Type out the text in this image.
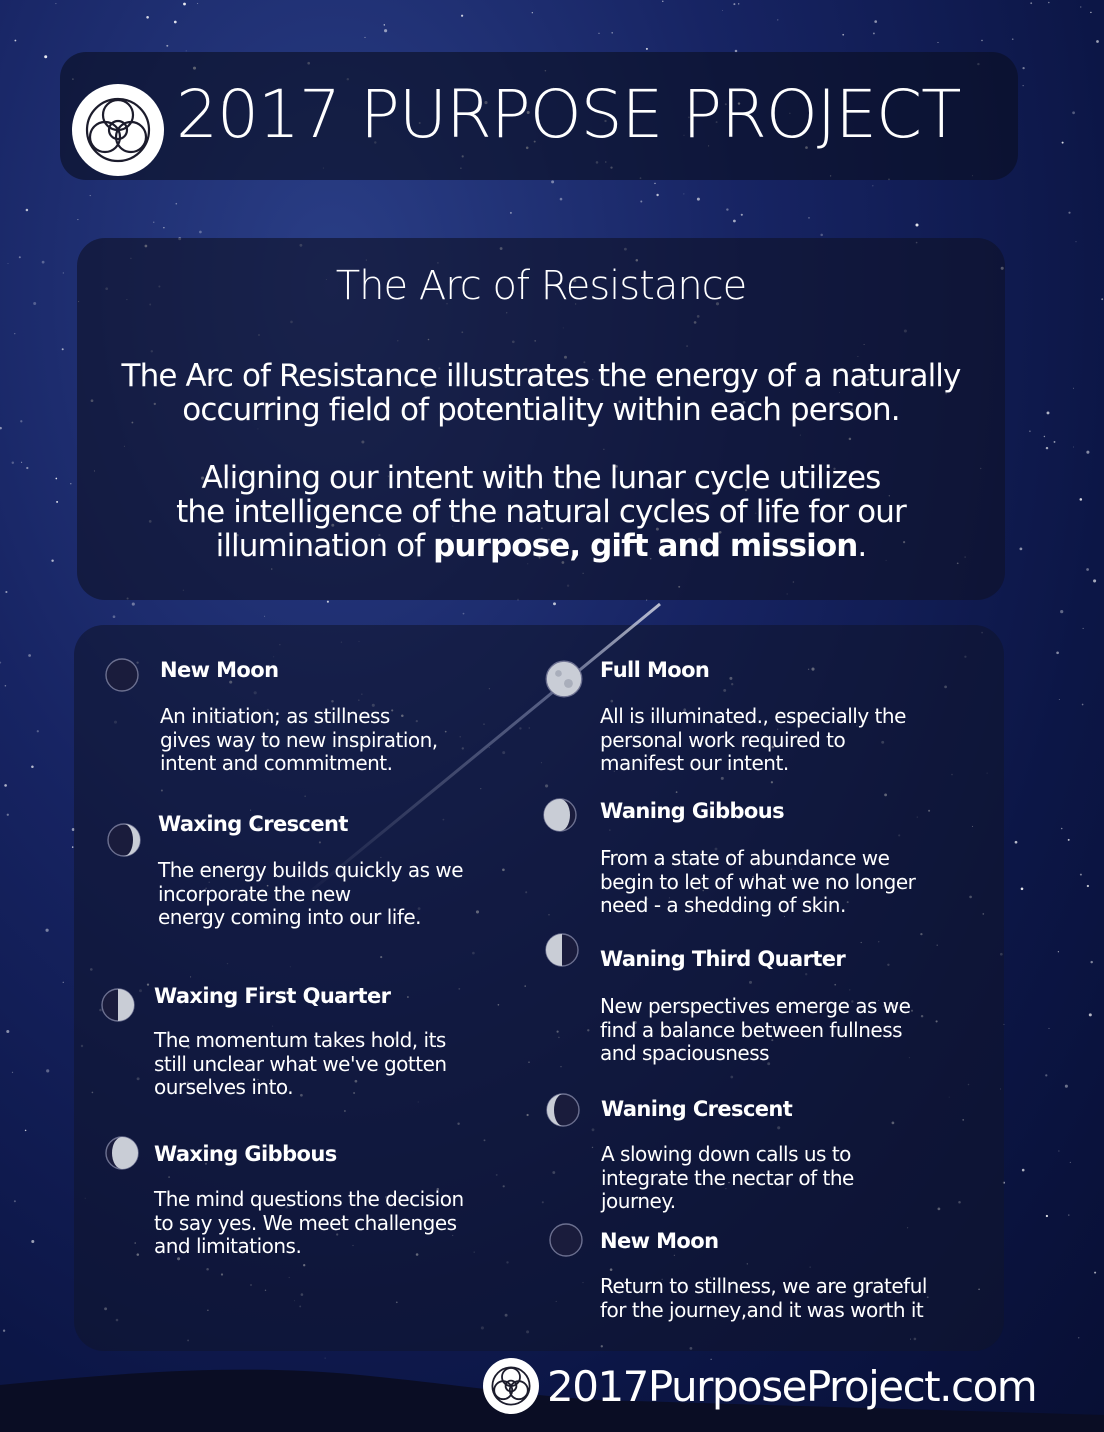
2017 PURPOSE PROJECT
The Arc of Resistance
The Arc of Resistance illustrates the energy of a naturally
occurring field of potentiality within each person.
Aligning our intent with the lunar cycle utilizes
the intelligence of the natural cycles of life for our
illumination of purpose, gift and mission.
New Moon
An initiation; as stillness
gives way to new inspiration,
intent and commitment.
Waxing Crescent
The energy builds quickly as we
incorporate the new
energy coming into our life.
Waxing First Quarter
The momentum takes hold, its
still unclear what we've gotten
ourselves into.
Waxing Gibbous
The mind questions the decision
to say yes. We meet challenges
and limitations.
Full Moon
All is illuminated., especially the
personal work required to
manifest our intent.
Waning Gibbous
From a state of abundance we
begin to let of what we no longer
need - a shedding of skin.
Waning Third Quarter
New perspectives emerge as we
find a balance between fullness
and spaciousness
Waning Crescent
A slowing down calls us to
integrate the nectar of the
journey.
New Moon
Return to stillness, we are grateful
for the journey,and it was worth it
2017PurposeProject.com
